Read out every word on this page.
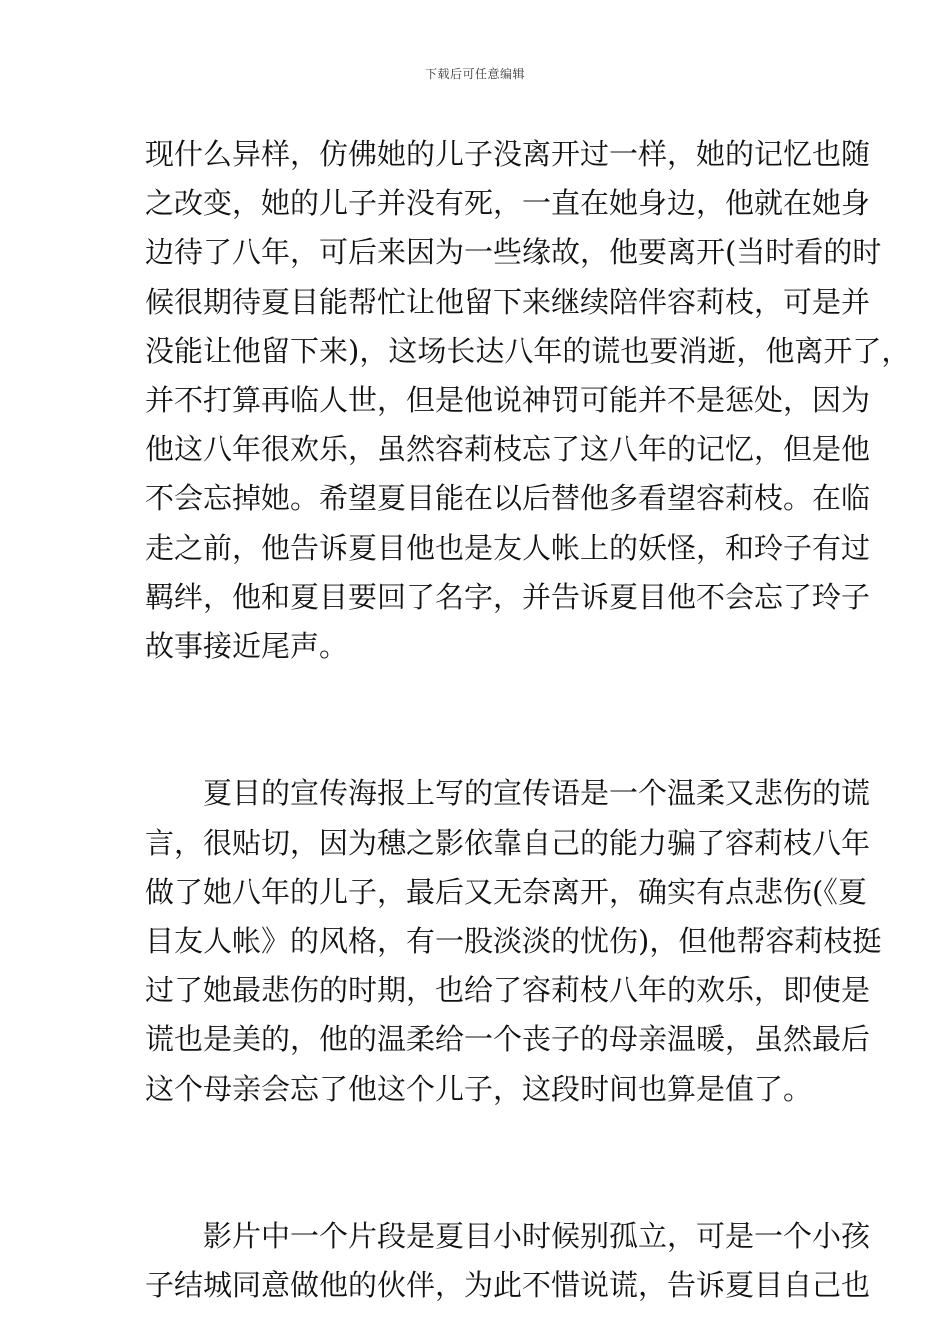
下载后可任意编辑
现什么异样，仿佛她的儿子没离开过一样，她的记忆也随
之改变，她的儿子并没有死，一直在她身边，他就在她身
边待了八年，可后来因为一些缘故，他要离开(当时看的时
候很期待夏目能帮忙让他留下来继续陪伴容莉枝，可是并
没能让他留下来)，这场长达八年的谎也要消逝，他离开了，
并不打算再临人世，但是他说神罚可能并不是惩处，因为
他这八年很欢乐，虽然容莉枝忘了这八年的记忆，但是他
不会忘掉她。希望夏目能在以后替他多看望容莉枝。在临
走之前，他告诉夏目他也是友人帐上的妖怪，和玲子有过
羁绊，他和夏目要回了名字，并告诉夏目他不会忘了玲子
故事接近尾声。
　　夏目的宣传海报上写的宣传语是一个温柔又悲伤的谎
言，很贴切，因为穗之影依靠自己的能力骗了容莉枝八年
做了她八年的儿子，最后又无奈离开，确实有点悲伤(《夏
目友人帐》的风格，有一股淡淡的忧伤)，但他帮容莉枝挺
过了她最悲伤的时期，也给了容莉枝八年的欢乐，即使是
谎也是美的，他的温柔给一个丧子的母亲温暖，虽然最后
这个母亲会忘了他这个儿子，这段时间也算是值了。
　　影片中一个片段是夏目小时候别孤立，可是一个小孩
子结城同意做他的伙伴，为此不惜说谎，告诉夏目自己也
